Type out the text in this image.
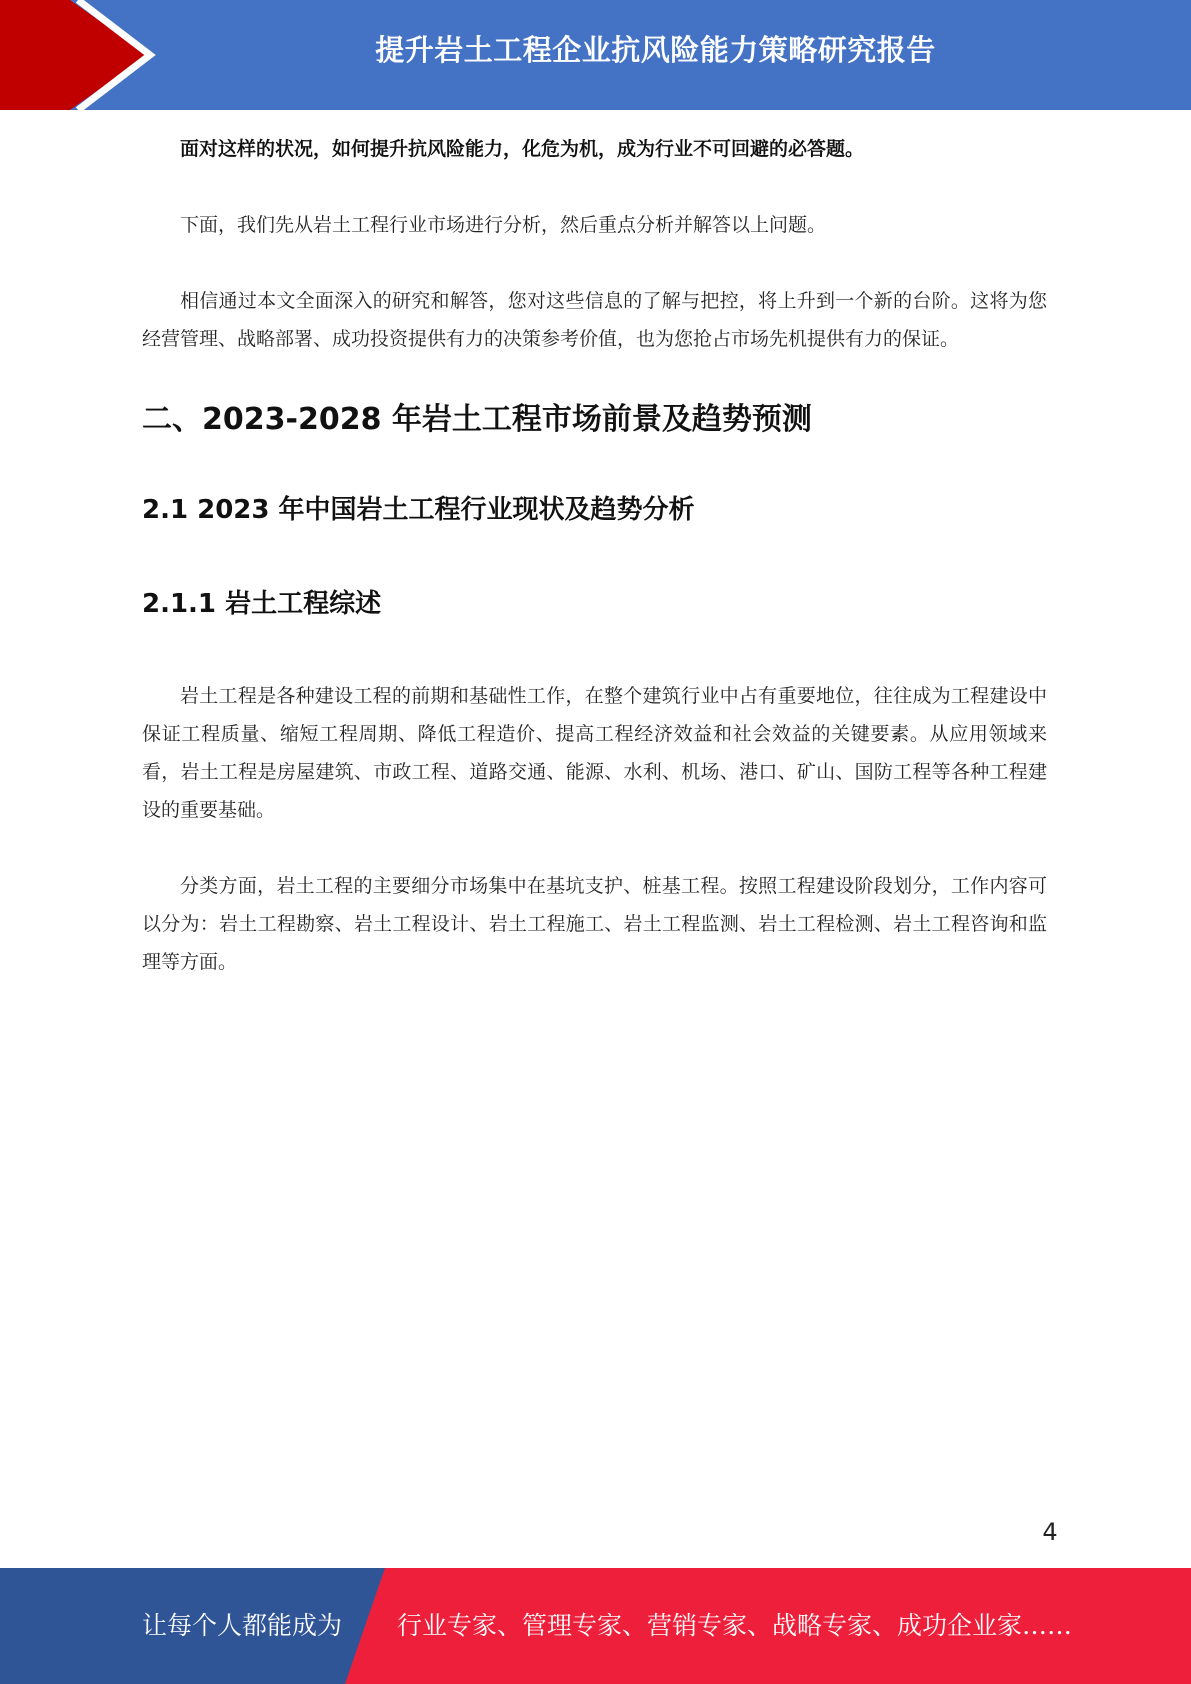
提升岩土工程企业抗风险能力策略研究报告

面对这样的状况，如何提升抗风险能力，化危为机，成为行业不可回避的必答题。

下面，我们先从岩土工程行业市场进行分析，然后重点分析并解答以上问题。

相信通过本文全面深入的研究和解答，您对这些信息的了解与把控，将上升到一个新的台阶。这将为您经营管理、战略部署、成功投资提供有力的决策参考价值，也为您抢占市场先机提供有力的保证。

二、2023-2028 年岩土工程市场前景及趋势预测
2.1 2023 年中国岩土工程行业现状及趋势分析
2.1.1 岩土工程综述

岩土工程是各种建设工程的前期和基础性工作，在整个建筑行业中占有重要地位，往往成为工程建设中保证工程质量、缩短工程周期、降低工程造价、提高工程经济效益和社会效益的关键要素。从应用领域来看，岩土工程是房屋建筑、市政工程、道路交通、能源、水利、机场、港口、矿山、国防工程等各种工程建设的重要基础。

分类方面，岩土工程的主要细分市场集中在基坑支护、桩基工程。按照工程建设阶段划分，工作内容可以分为：岩土工程勘察、岩土工程设计、岩土工程施工、岩土工程监测、岩土工程检测、岩土工程咨询和监理等方面。

4
让每个人都能成为 行业专家、管理专家、营销专家、战略专家、成功企业家……
